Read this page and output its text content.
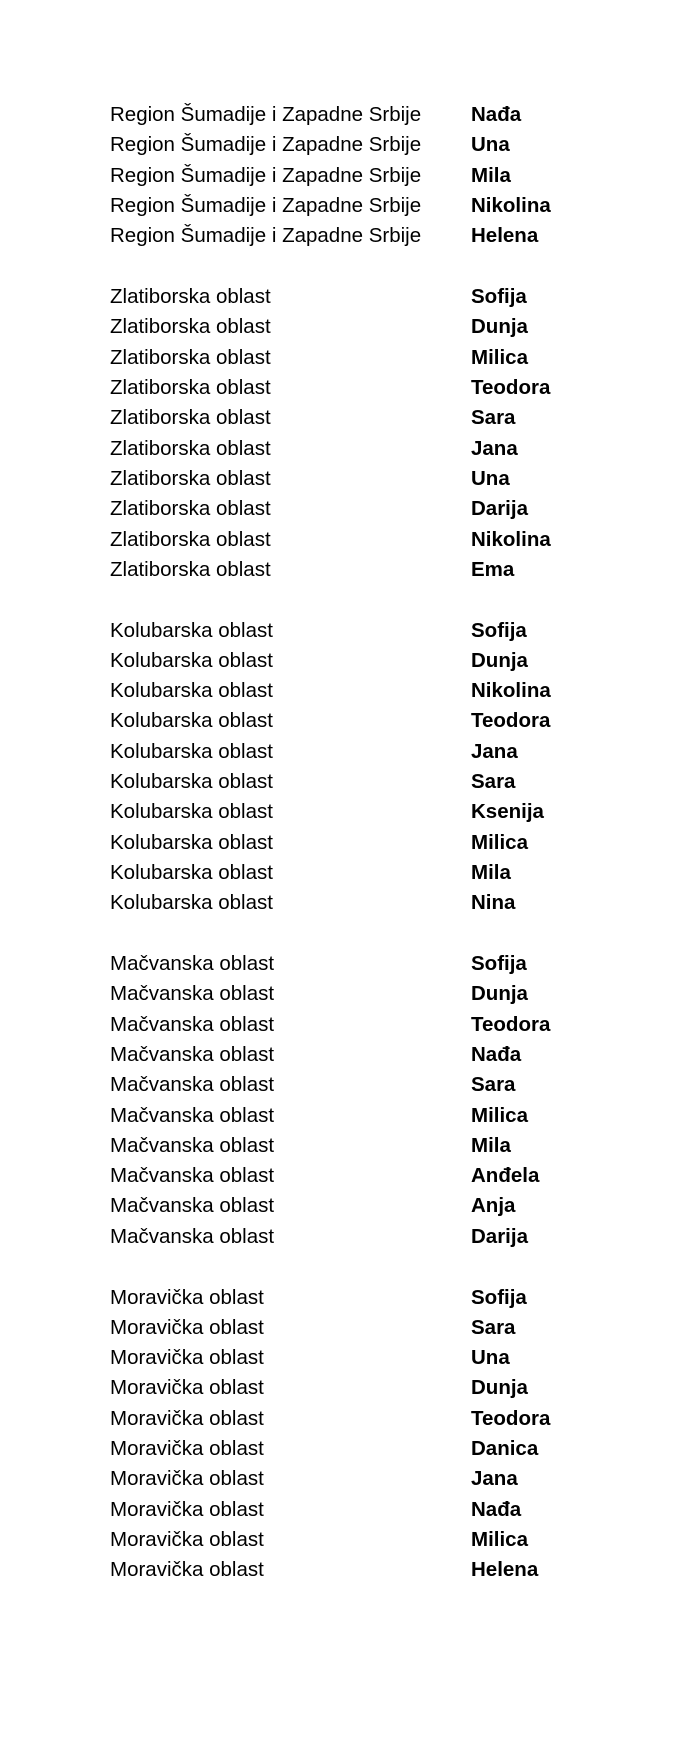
Region Šumadije i Zapadne Srbije	Nađa
Region Šumadije i Zapadne Srbije	Una
Region Šumadije i Zapadne Srbije	Mila
Region Šumadije i Zapadne Srbije	Nikolina
Region Šumadije i Zapadne Srbije	Helena
Zlatiborska oblast	Sofija
Zlatiborska oblast	Dunja
Zlatiborska oblast	Milica
Zlatiborska oblast	Teodora
Zlatiborska oblast	Sara
Zlatiborska oblast	Jana
Zlatiborska oblast	Una
Zlatiborska oblast	Darija
Zlatiborska oblast	Nikolina
Zlatiborska oblast	Ema
Kolubarska oblast	Sofija
Kolubarska oblast	Dunja
Kolubarska oblast	Nikolina
Kolubarska oblast	Teodora
Kolubarska oblast	Jana
Kolubarska oblast	Sara
Kolubarska oblast	Ksenija
Kolubarska oblast	Milica
Kolubarska oblast	Mila
Kolubarska oblast	Nina
Mačvanska oblast	Sofija
Mačvanska oblast	Dunja
Mačvanska oblast	Teodora
Mačvanska oblast	Nađa
Mačvanska oblast	Sara
Mačvanska oblast	Milica
Mačvanska oblast	Mila
Mačvanska oblast	Anđela
Mačvanska oblast	Anja
Mačvanska oblast	Darija
Moravička oblast	Sofija
Moravička oblast	Sara
Moravička oblast	Una
Moravička oblast	Dunja
Moravička oblast	Teodora
Moravička oblast	Danica
Moravička oblast	Jana
Moravička oblast	Nađa
Moravička oblast	Milica
Moravička oblast	Helena
